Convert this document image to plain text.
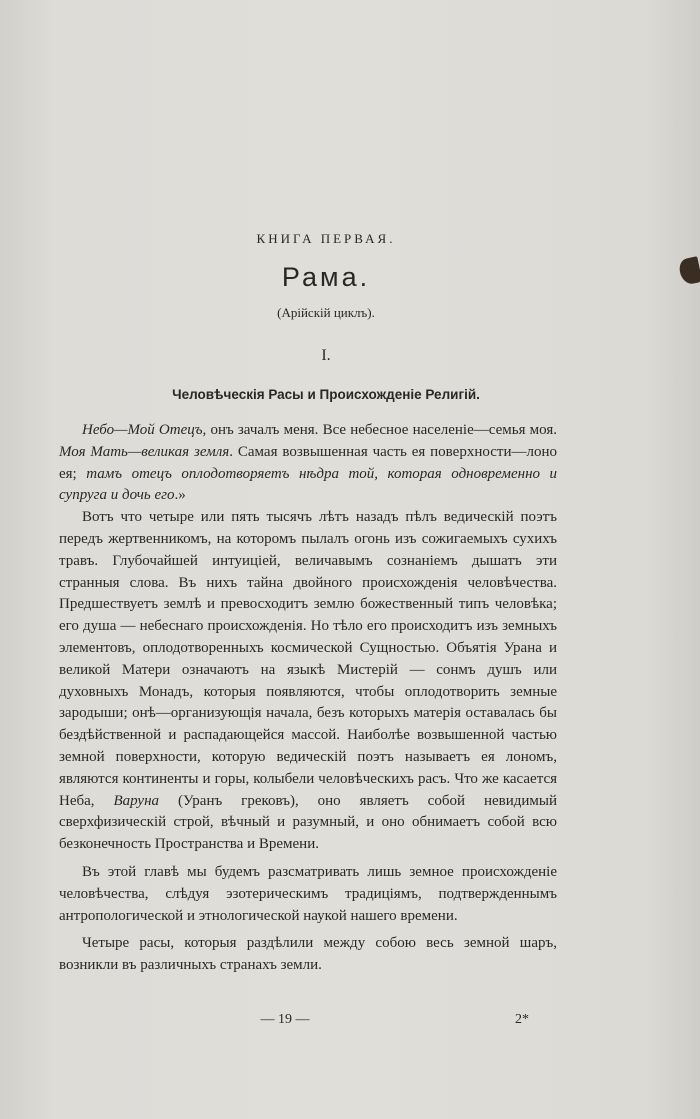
КНИГА ПЕРВАЯ.
Рама.
(Арійскій циклъ).
I.
Человѣческія Расы и Происхожденіе Религій.

Небо—Мой Отецъ, онъ зачалъ меня. Все небесное населеніе—семья моя. Моя Мать—великая земля. Самая возвышенная часть ея поверхности—лоно ея; тамъ отецъ оплодотворяетъ нѣдра той, которая одновременно и супруга и дочь его.»

Вотъ что четыре или пять тысячъ лѣтъ назадъ пѣлъ ведическій поэтъ передъ жертвенникомъ, на которомъ пылалъ огонь изъ сожигаемыхъ сухихъ травъ. Глубочайшей интуиціей, величавымъ сознаніемъ дышатъ эти странныя слова. Въ нихъ тайна двойного происхожденія человѣчества. Предшествуетъ землѣ и превосходитъ землю божественный типъ человѣка; его душа — небеснаго происхожденія. Но тѣло его происходитъ изъ земныхъ элементовъ, оплодотворенныхъ космической Сущностью. Объятія Урана и великой Матери означаютъ на языкѣ Мистерій — сонмъ душъ или духовныхъ Монадъ, которыя появляются, чтобы оплодотворить земные зародыши; онѣ—организующія начала, безъ которыхъ матерія оставалась бы бездѣйственной и распадающейся массой. Наиболѣе возвышенной частью земной поверхности, которую ведическій поэтъ называетъ ея лономъ, являются континенты и горы, колыбели человѣческихъ расъ. Что же касается Неба, Варуна (Уранъ грековъ), оно являетъ собой невидимый сверхфизическій строй, вѣчный и разумный, и оно обнимаетъ собой всю безконечность Пространства и Времени.

Въ этой главѣ мы будемъ разсматривать лишь земное происхожденіе человѣчества, слѣдуя эзотерическимъ традиціямъ, подтвержденнымъ антропологической и этнологической наукой нашего времени.

Четыре расы, которыя раздѣлили между собою весь земной шаръ, возникли въ различныхъ странахъ земли.

— 19 —	2*
